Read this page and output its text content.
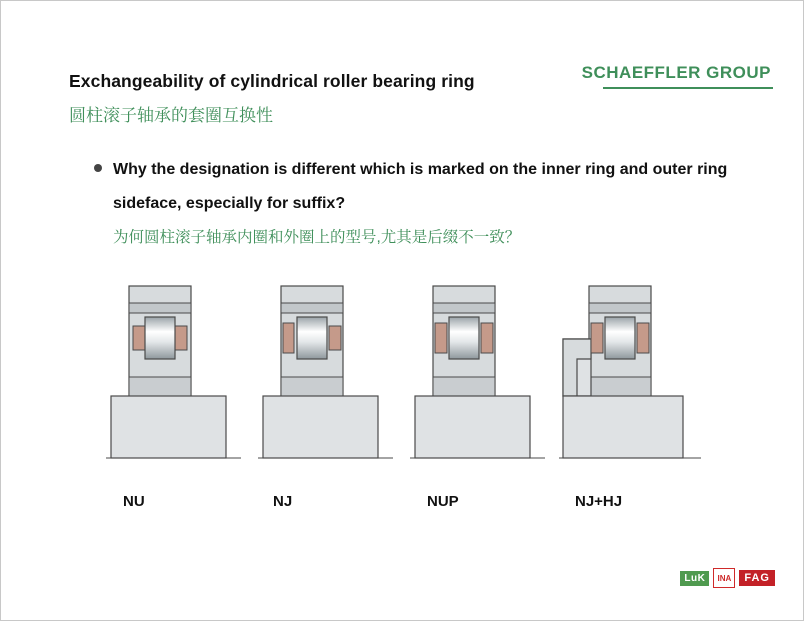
SCHAEFFLER GROUP
Exchangeability of cylindrical roller bearing ring
圆柱滚子轴承的套圈互换性
Why the designation is different which is marked on the inner ring and outer ring sideface, especially for suffix?
为何圆柱滚子轴承内圈和外圈上的型号,尤其是后缀不一致？
NU	NJ	NUP	NJ+HJ
LuK	INA	FAG
